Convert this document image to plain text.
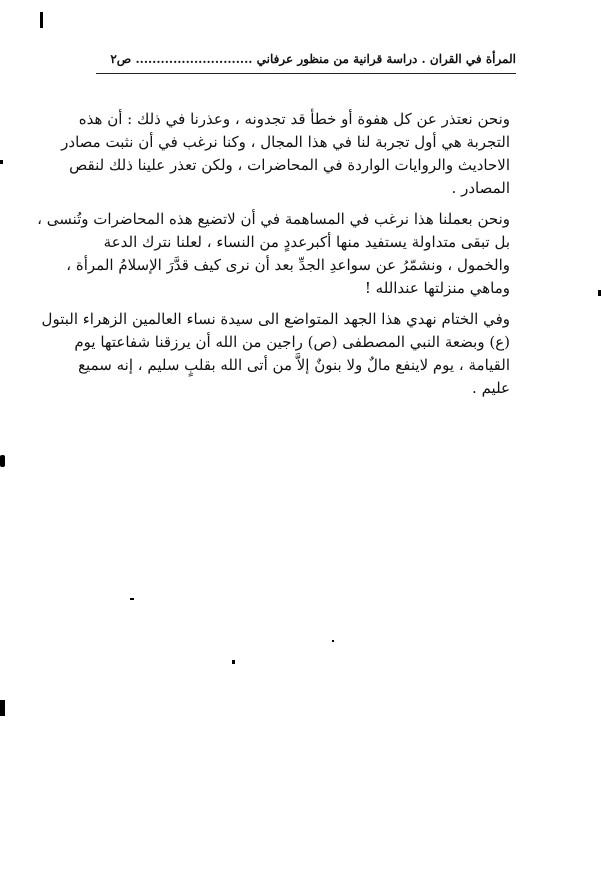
المرأة في القران . دراسة قرانية من منظور عرفاني ............................ ص٢
ونحن نعتذر عن كل هفوة أو خطأ قد تجدونه ، وعذرنا في ذلك : أن هذه
التجربة هي أول تجربة لنا في هذا المجال ، وكنا نرغب في أن نثبت مصادر
الاحاديث والروايات الواردة في المحاضرات ، ولكن تعذر علينا ذلك لنقص
المصادر .
ونحن بعملنا هذا نرغب في المساهمة في أن لاتضيع هذه المحاضرات وتُنسى ،
بل تبقى متداولة يستفيد منها أكبرعددٍ من النساء ، لعلنا نترك الدعة
والخمول ، ونشمّرُ عن سواعدِ الجدِّ بعد أن نرى كيف قدَّرَ الإسلامُ المرأة ،
وماهي منزلتها عندالله !
وفي الختام نهدي هذا الجهد المتواضع الى سيدة نساء العالمين الزهراء البتول
(ع) وبضعة النبي المصطفى (ص) راجين من الله أن يرزقنا شفاعتها يوم
القيامة ، يوم لاينفع مالٌ ولا بنونٌ إلاَّ من أتى الله بقلبٍ سليم ، إنه سميع
عليم .
